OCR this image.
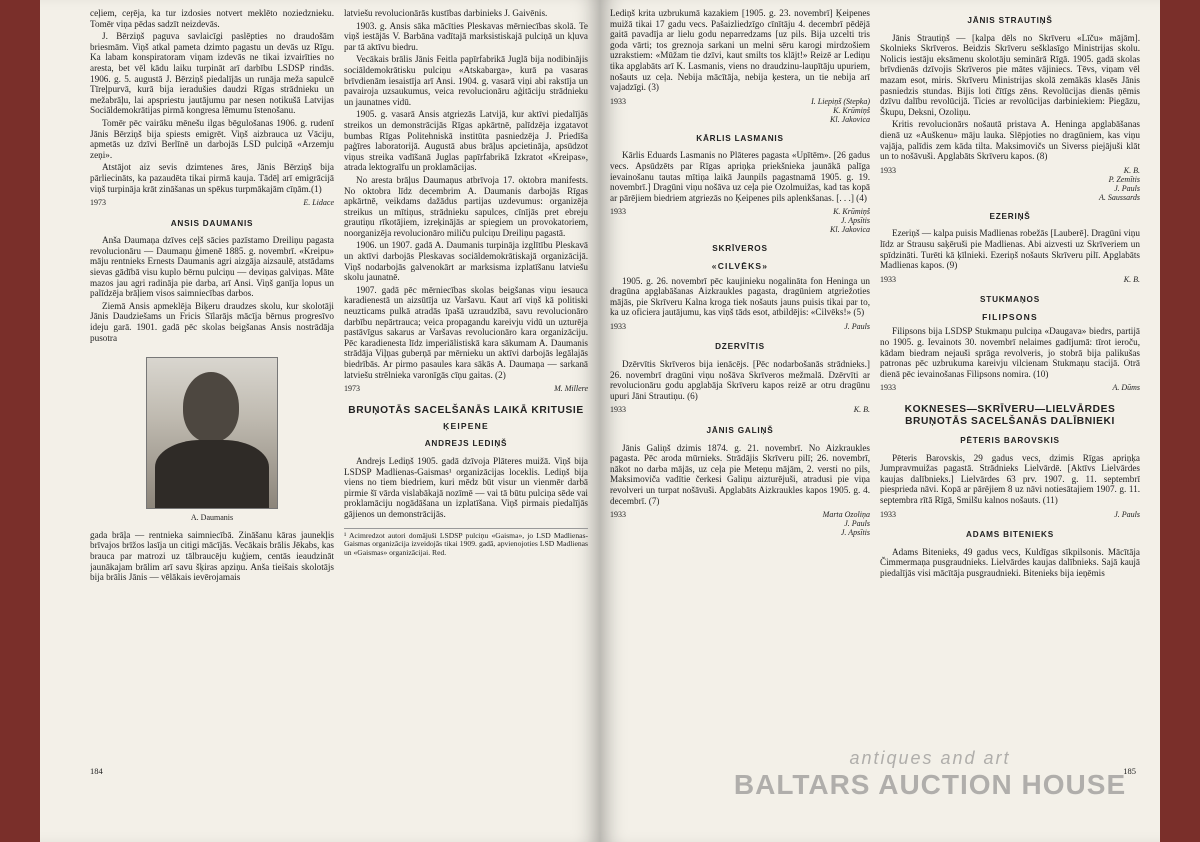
ceļiem, ceŗēja, ka tur izdosies notvert meklēto noziedznieku. Tomēr viņa pēdas sadzīt neizdevās.

J. Bērziņš paguva savlaicīgi paslēpties no draudošām briesmām. Viņš atkal pameta dzimto pagastu un devās uz Rīgu. Ka labam konspiratoram viņam izdevās ne tikai izvairīties no aresta, bet vēl kādu laiku turpināt arī darbību LSDSP rindās. 1906. g. 5. augustā J. Bērziņš piedalījās un runāja meža sapulcē Tīreļpurvā, kurā bija ieradušies daudzi Rīgas strādnieku un mežabrāļu, lai apspriestu jautājumu par nesen notikušā Latvijas Sociāldemokrātijas pirmā kongresa lēmumu īstenošanu.

Tomēr pēc vairāku mēnešu ilgas bēgulošanas 1906. g. rudenī Jānis Bērziņš bija spiests emigrēt. Viņš aizbrauca uz Vāciju, apmetās uz dzīvi Berlīnē un darbojās LSD pulciņā «Arzemju zeņi».

Atstājot aiz sevis dzimtenes āres, Jānis Bērziņš bija pārliecināts, ka pazaudēta tikai pirmā kauja. Tādēļ arī emigrācijā viņš turpināja krāt zināšanas un spēkus turpmākajām cīņām.(1)

1973	E. Lidace
ANSIS DAUMANIS

Anša Daumaņa dzīves ceļš sācies pazīstamo Dreiliņu pagasta revolucionāru — Daumaņu ģimenē 1885. g. novembrī. «Kreipu» māju rentnieks Ernests Daumanis agri aizgāja aizsaulē, atstādams sievas gādībā visu kuplo bērnu pulciņu — deviņas galviņas. Māte mazos jau agri radināja pie darba, arī Ansi. Viņš ganīja lopus un palīdzēja brāļiem visos saimniecības darbos.

Ziemā Ansis apmeklēja Biķeru draudzes skolu, kur skolotāji Jānis Daudziešams un Fricis Sīlarājs mācīja bērnus progresīvo ideju garā. 1901. gadā pēc skolas beigšanas Ansis nostrādāja pusotra

A. Daumanis

gada brāļa — rentnieka saimniecībā. Zināšanu kāras jaunekļis brīvajos brīžos lasīja un citigi mācījās. Vecākais brālis Jēkabs, kas brauca par matrozi uz tālbraucēju kuģiem, centās ieaudzināt jaunākajam brālim arī savu šķiras apziņu. Anša tieišais skolotājs bija brālis Jānis — vēlākais ievērojamais

latviešu revolucionārās kustības darbinieks J. Gaivēnis.

1903. g. Ansis sāka mācīties Pleskavas mērniecības skolā. Te viņš iestājās V. Barbāna vadītajā marksistiskajā pulciņā un kļuva par tā aktīvu biedru.

Vecākais brālis Jānis Feitla papīrfabrikā Juglā bija nodibinājis sociāldemokrātisku pulciņu «Atskabarga», kurā pa vasaras brīvdienām iesaistīja arī Ansi. 1904. g. vasarā viņi abi rakstīja un pavairoja uzsaukumus, veica revolucionāru aģitāciju strādnieku un jaunatnes vidū.

1905. g. vasarā Ansis atgriezās Latvijā, kur aktīvi piedalījās streikos un demonstrācijās Rīgas apkārtnē, palīdzēja izgatavot bumbas Rīgas Politehniskā institūta pasniedzēja J. Priedīša paģīres laboratorijā. Augustā abus brāļus apcietināja, apsūdzot viņus streika vadīšanā Juglas papīrfabrikā Izkratot «Kreipas», atrada lektograīfu un proklamācijas.

No aresta brāļus Daumaņus atbrīvoja 17. oktobra manifests. No oktobra līdz decembrim A. Daumanis darbojās Rīgas apkārtnē, veikdams dažādus partijas uzdevumus: organizēja streikus un mītiņus, strādnieku sapulces, cīnījās pret ebreju grautiņu rīkotājiem, izreķinājās ar spiegiem un provokatoriem, noorganizēja revolucionāro miliču pulciņu Dreiliņu pagastā.

1906. un 1907. gadā A. Daumanis turpināja izglītību Pleskavā un aktīvi darbojās Pleskavas sociāldemokrātiskajā organizācijā. Viņš nodarbojās galvenokārt ar marksisma izplatīšanu latviešu skolu jaunatnē.

1907. gadā pēc mērniecības skolas beigšanas viņu iesauca karadienestā un aizsūtīja uz Varšavu. Kaut arī viņš kā politiski neuzticams pulkā atradās īpašā uzraudzībā, savu revolucionāro darbību nepārtrauca; veica propagandu kareivju vidū un uzturēja pastāvīgus sakarus ar Varšavas revolucionāro kara organizāciju. Pēc karadienesta līdz imperiālistiskā kara sākumam A. Daumanis strādāja Viļņas guberņā par mērnieku un aktīvi darbojās legālajās biedrībās. Ar pirmo pasaules kara sākās A. Daumaņa — sarkanā latviešu strēlnieka varonīgās cīņu gaitas. (2)

1973	M. Millere
BRUŅOTĀS SACELŠANĀS LAIKĀ KRITUSIE
ĶEIPENE
ANDREJS LEDIŅŠ

Andrejs Lediņš 1905. gadā dzīvoja Plāteres muižā. Viņš bija LSDSP Madlienas-Gaismas¹ organizācijas loceklis. Lediņš bija viens no tiem biedriem, kuri mēdz būt visur un vienmēr darbā pirmie šī vārda vislabākajā nozīmē — vai tā būtu pulciņa sēde vai proklamāciju nogādāšana un izplatīšana. Viņš pirmais piedalījās gājienos un demonstrācijās.

¹ Acimredzot autori domājuši LSDSP pulciņu «Gaisma», jo LSD Madlienas-Gaismas organizācija izveidojās tikai 1909. gadā, apvienojoties LSD Madlienas un «Gaismas» organizācijai. Red.
184

Lediņš krita uzbrukumā kazakiem [1905. g. 23. novembrī] Ķeipenes muižā tikai 17 gadu vecs. Pašaizliedzīgo cīnītāju 4. decembrī pēdējā gaitā pavadīja ar lielu godu neparredzams [uz pils. Bija uzcelti tris goda vārti; tos greznoja sarkani un melni sēru karogi mirdzošiem uzrakstiem: «Mūžam tie dzīvi, kaut smilts tos klājt!» Reizē ar Lediņu tika apglabāts arī K. Lasmanis, viens no draudzinu-laupītāju upuriem, nošauts uz ceļa. Nebija mācītāja, nebija ķestera, un tie nebija arī vajadzīgi. (3)

1933	I. Liepiņš (Stepka)
K. Krūmiņš
Kl. Jakovica
KĀRLIS LASMANIS

Kārlis Eduards Lasmanis no Plāteres pagasta «Upītēm». [26 gadus vecs. Apsūdzēts par Rīgas apriņķa priekšnieka jaunākā palīga ievainošanu tautas mītiņa laikā Jaunpils pagastnamā 1905. g. 19. novembrī.] Dragūni viņu nošāva uz ceļa pie Ozolmuižas, kad tas kopā ar pārējiem biedriem atgriezās no Ķeipenes pils aplenkšanas. [. . .] (4)

1933	K. Krūmiņš
J. Apsītis
Kl. Jakovica
SKRĪVEROS
«CILVĒKS»

1905. g. 26. novembrī pēc kaujinieku nogalināta fon Heninga un dragūna apglabāšanas Aizkraukles pagasta, dragūniem atgriežoties mājās, pie Skrīveru Kalna kroga tiek nošauts jauns puisis tikai par to, ka uz oficiera jautājumu, kas viņš tāds esot, atbildējis: «Cilvēks!» (5)

1933	J. Pauls
DZERVĪTIS

Dzērvītis Skrīveros bija ienācējs. [Pēc nodarbošanās strādnieks.] 26. novembrī dragūni viņu nošāva Skrīveros mežmalā. Dzērvīti ar revolucionāru godu apglabāja Skrīveru kapos reizē ar otru dragūnu upuri Jāni Strautiņu. (6)

1933	K. B.
JĀNIS GALIŅŠ

Jānis Galiņš dzimis 1874. g. 21. novembrī. No Aizkraukles pagasta. Pēc aroda mūrnieks. Strādājis Skrīveru pilī; 26. novembrī, nākot no darba mājās, uz ceļa pie Meteņu mājām, 2. versti no pils, Maksimoviča vadītie čerkesi Galiņu aizturējuši, atradusi pie viņa revolveri un turpat nošāvuši. Apglabāts Aizkraukles kapos 1905. g. 4. decembrī. (7)

1933	Marta Ozoliņa
J. Pauls
J. Apsītis
JĀNIS STRAUTIŅŠ

Jānis Strautiņš — [kalpa dēls no Skrīveru «Līču» mājām]. Skolnieks Skrīveros. Beidzis Skrīveru sešklasīgo Ministrijas skolu. Nolicis iestāju eksāmenu skolotāju seminārā Rīgā. 1905. gadā skolas brīvdienās dzīvojis Skrīveros pie mātes vājiniecs. Tēvs, viņam vēl mazam esot, miris. Skrīveru Ministrijas skolā zemākās klasēs Jānis pasniedzis stundas. Bijis loti čītīgs zēns. Revolūcijas dienās ņēmis dzīvu dalību revolūcijā. Ticies ar revolūcijas darbiniekiem: Piegāzu, Škupu, Deksni, Ozoliņu.

Kritis revolucionārs nošautā pristava A. Heninga apglabāšanas dienā uz «Auškenu» māju lauka. Slēpjoties no dragūniem, kas viņu vajāja, palīdis zem kāda tilta. Maksimovičs un Siverss piejājuši klāt un to nošāvuši. Apglabāts Skrīveru kapos. (8)

1933	K. B.
P. Zemītis
J. Pauls
A. Saussards
EZERIŅŠ

Ezeriņš — kalpa puisis Madlienas robežās [Lauberē]. Dragūni viņu līdz ar Strausu saķēruši pie Madlienas. Abi aizvesti uz Skrīveriem un spīdzināti. Turēti kā ķīlnieki. Ezeriņš nošauts Skrīveru pilī. Apglabāts Madlienas kapos. (9)

1933	K. B.
STUKMAŅOS
FILIPSONS

Filipsons bija LSDSP Stukmaņu pulciņa «Daugava» biedrs, partijā no 1905. g. Ievainots 30. novembrī nelaimes gadījumā: tīrot ieroču, kādam biedram nejauši sprāga revolveris, jo stobrā bija palikušas patronas pēc uzbrukuma kareivju vilcienam Stukmaņu stacijā. Otrā dienā pēc ievainošanas Filipsons nomira. (10)

1933	A. Dūms
KOKNESES—SKRĪVERU—LIELVĀRDES BRUŅOTĀS SACELŠANĀS DALĪBNIEKI
PĒTERIS BAROVSKIS

Pēteris Barovskis, 29 gadus vecs, dzimis Rīgas apriņķa Jumpravmuižas pagastā. Strādnieks Lielvārdē. [Aktīvs Lielvārdes kaujas dalībnieks.] Lielvārdes 63 prv. 1907. g. 11. septembrī piesprieda nāvi. Kopā ar pārējiem 8 uz nāvi notiesātajiem 1907. g. 11. septembra rītā Rīgā, Smilšu kalnos nošauts. (11)

1933	J. Pauls
ADAMS BITENIEKS

Adams Bitenieks, 49 gadus vecs, Kuldīgas sīkpilsonis. Mācītāja Čimmermaņa pusgraudnieks. Lielvārdes kaujas dalībnieks. Sajā kaujā piedalījās visi mācītāja pusgraudnieki. Bitenieks bija ieņēmis

185
antiques and art
BALTARS AUCTION HOUSE
